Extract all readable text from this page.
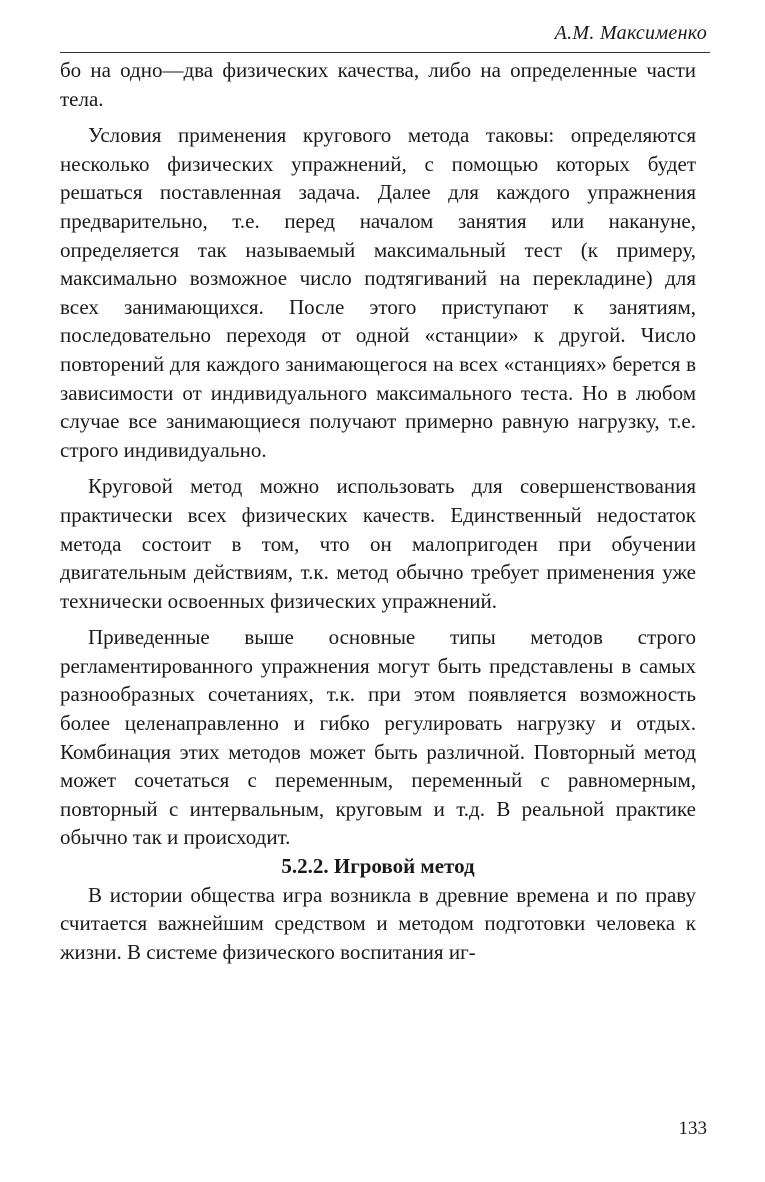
А.М. Максименко

бо на одно—два физических качества, либо на определенные части тела.

Условия применения кругового метода таковы: определяются несколько физических упражнений, с помощью которых будет решаться поставленная задача. Далее для каждого упражнения предварительно, т.е. перед началом занятия или накануне, определяется так называемый максимальный тест (к примеру, максимально возможное число подтягиваний на перекладине) для всех занимающихся. После этого приступают к занятиям, последовательно переходя от одной «станции» к другой. Число повторений для каждого занимающегося на всех «станциях» берется в зависимости от индивидуального максимального теста. Но в любом случае все занимающиеся получают примерно равную нагрузку, т.е. строго индивидуально.

Круговой метод можно использовать для совершенствования практически всех физических качеств. Единственный недостаток метода состоит в том, что он малопригоден при обучении двигательным действиям, т.к. метод обычно требует применения уже технически освоенных физических упражнений.

Приведенные выше основные типы методов строго регламентированного упражнения могут быть представлены в самых разнообразных сочетаниях, т.к. при этом появляется возможность более целенаправленно и гибко регулировать нагрузку и отдых. Комбинация этих методов может быть различной. Повторный метод может сочетаться с переменным, переменный с равномерным, повторный с интервальным, круговым и т.д. В реальной практике обычно так и происходит.

5.2.2. Игровой метод

В истории общества игра возникла в древние времена и по праву считается важнейшим средством и методом подготовки человека к жизни. В системе физического воспитания иг-

133
